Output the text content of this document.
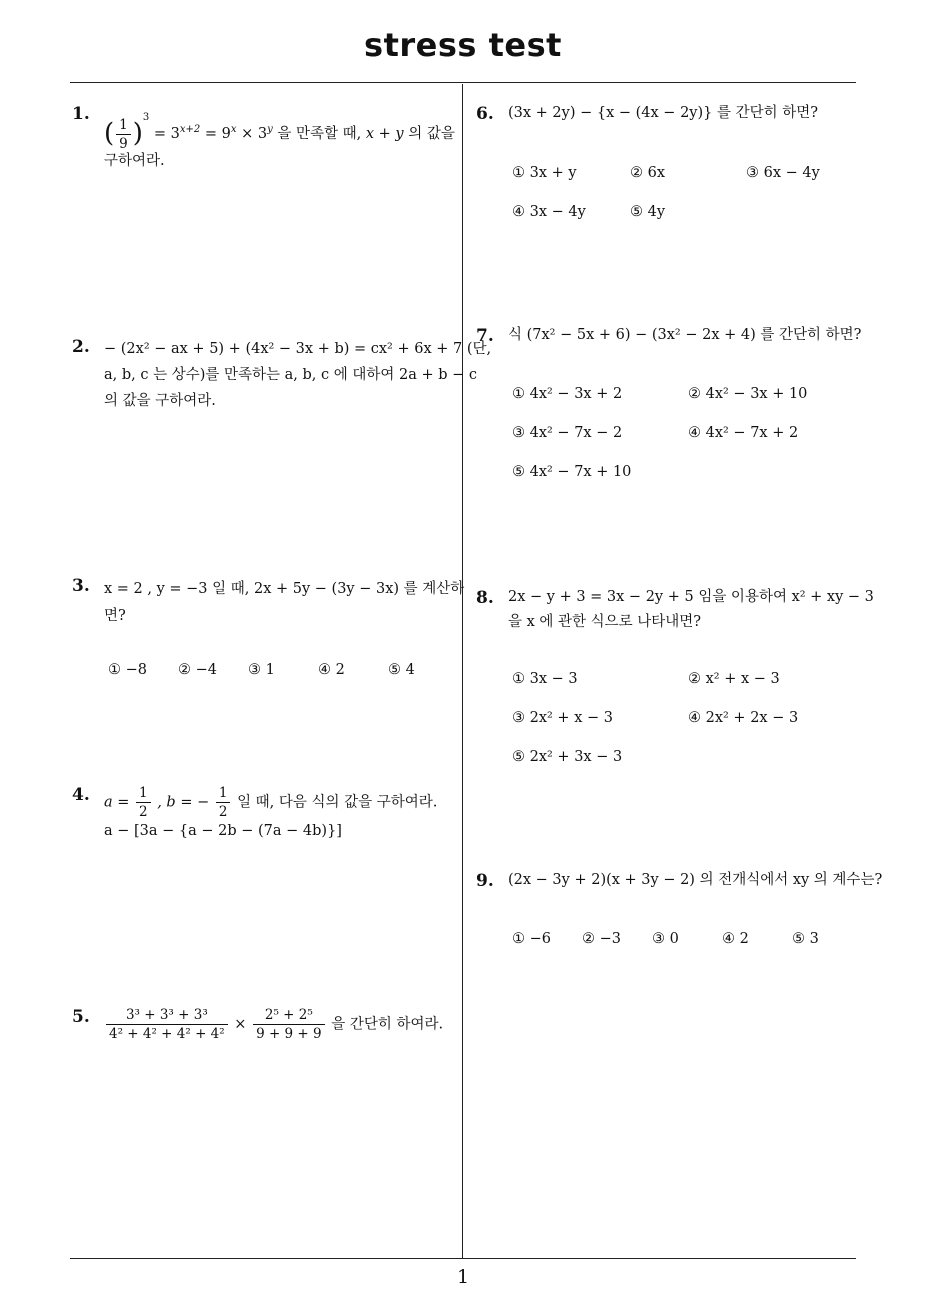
stress test
1
1.
( $\frac{1}{9} )^3 = 3^{x+2} = 9^x \times 3^y$ 을 만족할 때, x + y 의 값을
구하여라.
2. − (2x² − ax + 5) + (4x² − 3x + b) = cx² + 6x + 7 (단,
a, b, c 는 상수)를 만족하는 a, b, c 에 대하여 2a + b − c
의 값을 구하여라.
3. x = 2 , y = −3 일 때, 2x + 5y − (3y − 3x) 를 계산하
면?
① −8 ② −4 ③ 1	④ 2	⑤ 4
4. $a = \frac{1}{2}$ , b = − $\frac{1}{2}$ 일 때, 다음 식의 값을 구하여라.
a − [3a − {a − 2b − (7a − 4b)}]
5. $\frac{\text{3³ + 3³ + 3³}}{\text{4² + 4² + 4² + 4²}} \times \frac{\text{2⁵ + 2⁵}}{9 + 9 + 9}$ 을 간단히 하여라.
6. (3x + 2y) − {x − (4x − 2y)} 를 간단히 하면?
① 3x + y	② 6x	③ 6x − 4y
④ 3x − 4y	⑤ 4y
7. 식 (7x² − 5x + 6) − (3x² − 2x + 4) 를 간단히 하면?
① 4x² − 3x + 2	② 4x² − 3x + 10
③ 4x² − 7x − 2	④ 4x² − 7x + 2
⑤ 4x² − 7x + 10
8. 2x − y + 3 = 3x − 2y + 5 임을 이용하여 x² + xy − 3
을 x 에 관한 식으로 나타내면?
① 3x − 3	② x² + x − 3
③ 2x² + x − 3	④ 2x² + 2x − 3
⑤ 2x² + 3x − 3
9. (2x − 3y + 2)(x + 3y − 2) 의 전개식에서 xy 의 계수는?
① −6 ② −3 ③ 0	④ 2	⑤ 3
